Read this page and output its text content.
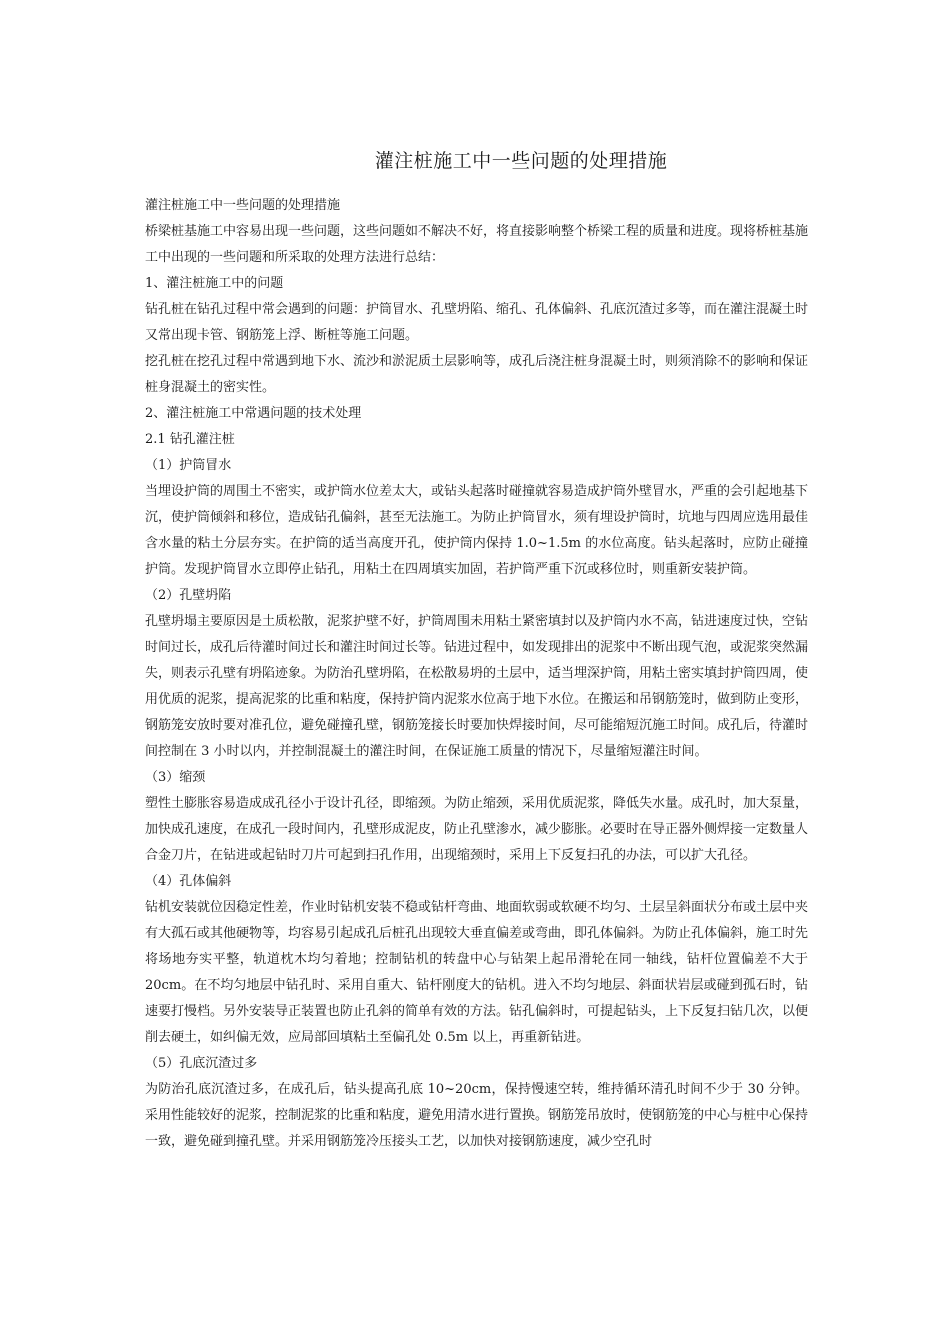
灌注桩施工中一些问题的处理措施

灌注桩施工中一些问题的处理措施

桥梁桩基施工中容易出现一些问题，这些问题如不解决不好，将直接影响整个桥梁工程的质量和进度。现将桥桩基施工中出现的一些问题和所采取的处理方法进行总结：

1、灌注桩施工中的问题

钻孔桩在钻孔过程中常会遇到的问题：护筒冒水、孔壁坍陷、缩孔、孔体偏斜、孔底沉渣过多等，而在灌注混凝土时又常出现卡管、钢筋笼上浮、断桩等施工问题。

挖孔桩在挖孔过程中常遇到地下水、流沙和淤泥质土层影响等，成孔后浇注桩身混凝土时，则须消除不的影响和保证桩身混凝土的密实性。

2、灌注桩施工中常遇问题的技术处理

2.1 钻孔灌注桩

（1）护筒冒水

当埋设护筒的周围土不密实，或护筒水位差太大，或钻头起落时碰撞就容易造成护筒外壁冒水，严重的会引起地基下沉，使护筒倾斜和移位，造成钻孔偏斜，甚至无法施工。为防止护筒冒水，须有埋设护筒时，坑地与四周应选用最佳含水量的粘土分层夯实。在护筒的适当高度开孔，使护筒内保持 1.0~1.5m 的水位高度。钻头起落时，应防止碰撞护筒。发现护筒冒水立即停止钻孔，用粘土在四周填实加固，若护筒严重下沉或移位时，则重新安装护筒。

（2）孔壁坍陷

孔壁坍塌主要原因是土质松散，泥浆护壁不好，护筒周围未用粘土紧密填封以及护筒内水不高，钻进速度过快，空钻时间过长，成孔后待灌时间过长和灌注时间过长等。钻进过程中，如发现排出的泥浆中不断出现气泡，或泥浆突然漏失，则表示孔壁有坍陷迹象。为防治孔壁坍陷，在松散易坍的土层中，适当埋深护筒，用粘土密实填封护筒四周，使用优质的泥浆，提高泥浆的比重和粘度，保持护筒内泥浆水位高于地下水位。在搬运和吊钢筋笼时，做到防止变形，钢筋笼安放时要对准孔位，避免碰撞孔壁，钢筋笼接长时要加快焊接时间，尽可能缩短沉施工时间。成孔后，待灌时间控制在 3 小时以内，并控制混凝土的灌注时间，在保证施工质量的情况下，尽量缩短灌注时间。

（3）缩颈

塑性土膨胀容易造成成孔径小于设计孔径，即缩颈。为防止缩颈，采用优质泥浆，降低失水量。成孔时，加大泵量，加快成孔速度，在成孔一段时间内，孔壁形成泥皮，防止孔壁渗水，减少膨胀。必要时在导正器外侧焊接一定数量人合金刀片，在钻进或起钻时刀片可起到扫孔作用，出现缩颈时，采用上下反复扫孔的办法，可以扩大孔径。

（4）孔体偏斜

钻机安装就位因稳定性差，作业时钻机安装不稳或钻杆弯曲、地面软弱或软硬不均匀、土层呈斜面状分布或土层中夹有大孤石或其他硬物等，均容易引起成孔后桩孔出现较大垂直偏差或弯曲，即孔体偏斜。为防止孔体偏斜，施工时先将场地夯实平整，轨道枕木均匀着地；控制钻机的转盘中心与钻架上起吊滑轮在同一轴线，钻杆位置偏差不大于 20cm。在不均匀地层中钻孔时、采用自重大、钻杆刚度大的钻机。进入不均匀地层、斜面状岩层或碰到孤石时，钻速要打慢档。另外安装导正装置也防止孔斜的简单有效的方法。钻孔偏斜时，可提起钻头，上下反复扫钻几次，以便削去硬土，如纠偏无效，应局部回填粘土至偏孔处 0.5m 以上，再重新钻进。

（5）孔底沉渣过多

为防治孔底沉渣过多，在成孔后，钻头提高孔底 10~20cm，保持慢速空转，维持循环清孔时间不少于 30 分钟。采用性能较好的泥浆，控制泥浆的比重和粘度，避免用清水进行置换。钢筋笼吊放时，使钢筋笼的中心与桩中心保持一致，避免碰到撞孔壁。并采用钢筋笼冷压接头工艺，以加快对接钢筋速度，减少空孔时
